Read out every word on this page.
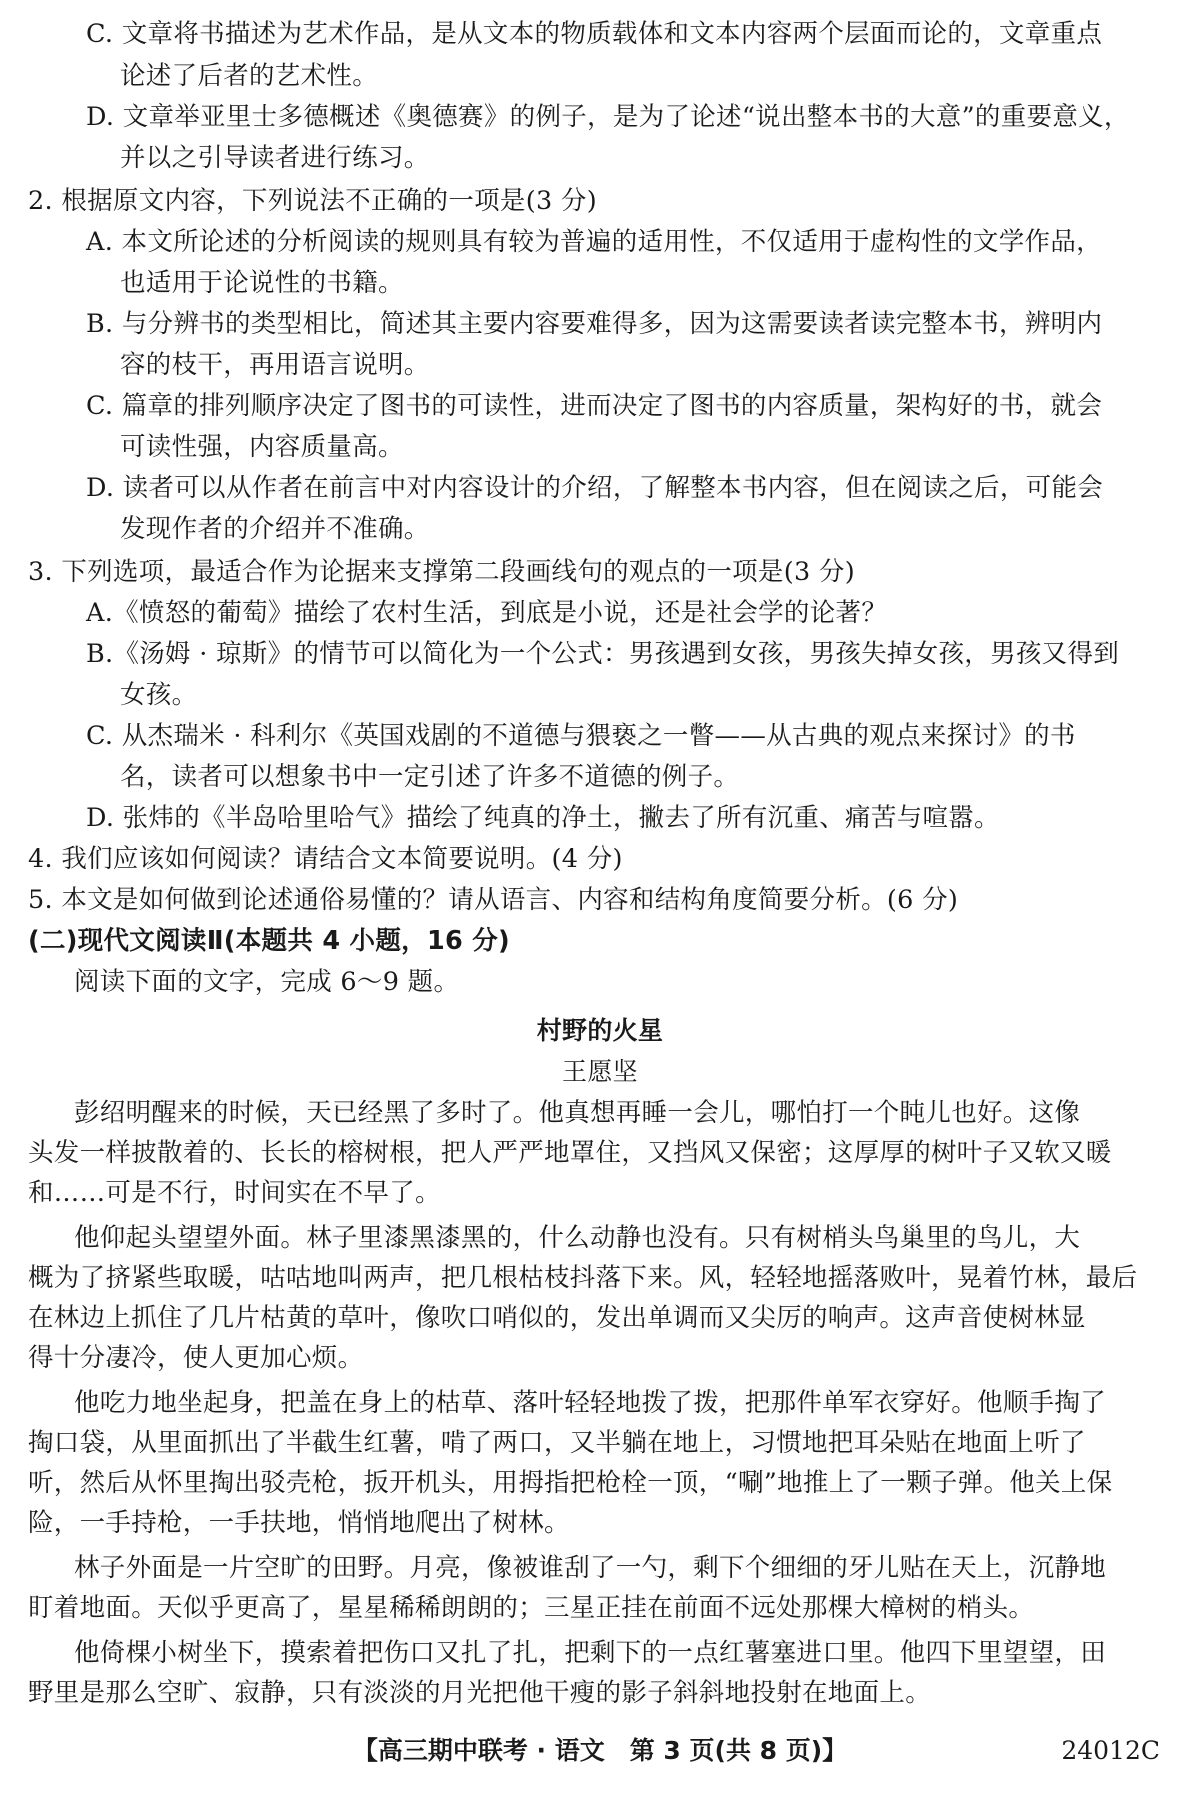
C. 文章将书描述为艺术作品，是从文本的物质载体和文本内容两个层面而论的，文章重点
论述了后者的艺术性。
D. 文章举亚里士多德概述《奥德赛》的例子，是为了论述“说出整本书的大意”的重要意义，
并以之引导读者进行练习。
2. 根据原文内容，下列说法不正确的一项是(3 分)
A. 本文所论述的分析阅读的规则具有较为普遍的适用性，不仅适用于虚构性的文学作品，
也适用于论说性的书籍。
B. 与分辨书的类型相比，简述其主要内容要难得多，因为这需要读者读完整本书，辨明内
容的枝干，再用语言说明。
C. 篇章的排列顺序决定了图书的可读性，进而决定了图书的内容质量，架构好的书，就会
可读性强，内容质量高。
D. 读者可以从作者在前言中对内容设计的介绍，了解整本书内容，但在阅读之后，可能会
发现作者的介绍并不准确。
3. 下列选项，最适合作为论据来支撑第二段画线句的观点的一项是(3 分)
A.《愤怒的葡萄》描绘了农村生活，到底是小说，还是社会学的论著？
B.《汤姆 · 琼斯》的情节可以简化为一个公式：男孩遇到女孩，男孩失掉女孩，男孩又得到
女孩。
C. 从杰瑞米 · 科利尔《英国戏剧的不道德与猥亵之一瞥——从古典的观点来探讨》的书
名，读者可以想象书中一定引述了许多不道德的例子。
D. 张炜的《半岛哈里哈气》描绘了纯真的净土，撇去了所有沉重、痛苦与喧嚣。
4. 我们应该如何阅读？请结合文本简要说明。(4 分)
5. 本文是如何做到论述通俗易懂的？请从语言、内容和结构角度简要分析。(6 分)
(二)现代文阅读Ⅱ(本题共 4 小题，16 分)
阅读下面的文字，完成 6～9 题。
村野的火星
王愿坚
彭绍明醒来的时候，天已经黑了多时了。他真想再睡一会儿，哪怕打一个盹儿也好。这像
头发一样披散着的、长长的榕树根，把人严严地罩住，又挡风又保密；这厚厚的树叶子又软又暖
和……可是不行，时间实在不早了。
他仰起头望望外面。林子里漆黑漆黑的，什么动静也没有。只有树梢头鸟巢里的鸟儿，大
概为了挤紧些取暖，咕咕地叫两声，把几根枯枝抖落下来。风，轻轻地摇落败叶，晃着竹林，最后
在林边上抓住了几片枯黄的草叶，像吹口哨似的，发出单调而又尖厉的响声。这声音使树林显
得十分凄冷，使人更加心烦。
他吃力地坐起身，把盖在身上的枯草、落叶轻轻地拨了拨，把那件单军衣穿好。他顺手掏了
掏口袋，从里面抓出了半截生红薯，啃了两口，又半躺在地上，习惯地把耳朵贴在地面上听了
听，然后从怀里掏出驳壳枪，扳开机头，用拇指把枪栓一顶，“唰”地推上了一颗子弹。他关上保
险，一手持枪，一手扶地，悄悄地爬出了树林。
林子外面是一片空旷的田野。月亮，像被谁刮了一勺，剩下个细细的牙儿贴在天上，沉静地
盯着地面。天似乎更高了，星星稀稀朗朗的；三星正挂在前面不远处那棵大樟树的梢头。
他倚棵小树坐下，摸索着把伤口又扎了扎，把剩下的一点红薯塞进口里。他四下里望望，田
【高三期中联考 · 语文　第 3 页(共 8 页)】	24012C
野里是那么空旷、寂静，只有淡淡的月光把他干瘦的影子斜斜地投射在地面上。
